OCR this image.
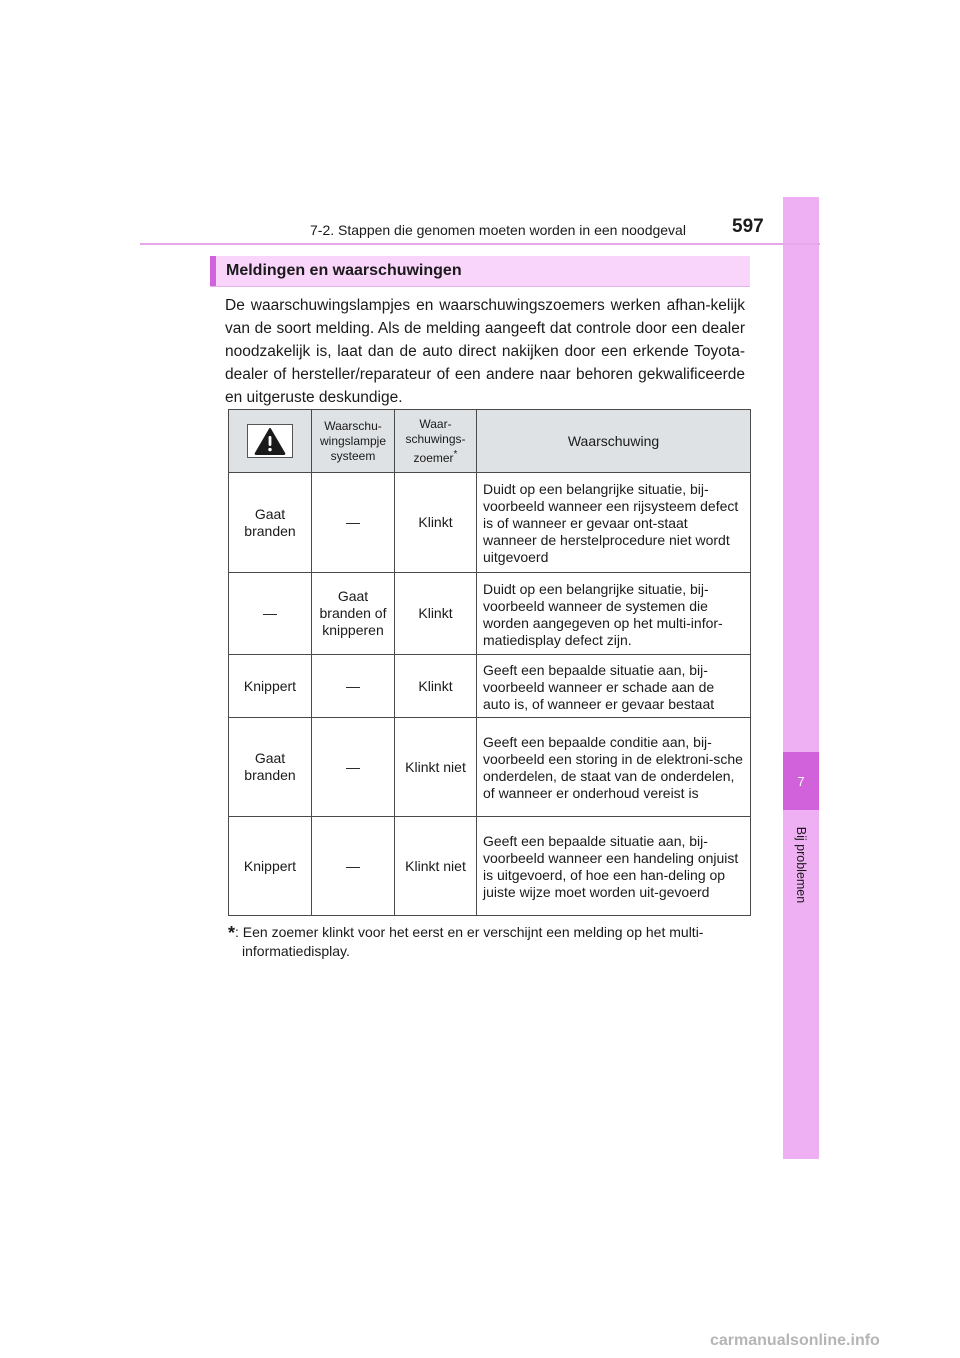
7
Bij problemen
7-2. Stappen die genomen moeten worden in een noodgeval 597
Meldingen en waarschuwingen

De waarschuwingslampjes en waarschuwingszoemers werken afhan-kelijk van de soort melding. Als de melding aangeeft dat controle door een dealer noodzakelijk is, laat dan de auto direct nakijken door een erkende Toyota-dealer of hersteller/reparateur of een andere naar behoren gekwalificeerde en uitgeruste deskundige.

	Waarschu-wingslampje systeem	Waar-schuwings-zoemer*	Waarschuwing
Gaat branden	—	Klinkt	Duidt op een belangrijke situatie, bij-voorbeeld wanneer een rijsysteem defect is of wanneer er gevaar ont-staat wanneer de herstelprocedure niet wordt uitgevoerd
—	Gaat branden of knipperen	Klinkt	Duidt op een belangrijke situatie, bij-voorbeeld wanneer de systemen die worden aangegeven op het multi-infor-matiedisplay defect zijn.
Knippert	—	Klinkt	Geeft een bepaalde situatie aan, bij-voorbeeld wanneer er schade aan de auto is, of wanneer er gevaar bestaat
Gaat branden	—	Klinkt niet	Geeft een bepaalde conditie aan, bij-voorbeeld een storing in de elektroni-sche onderdelen, de staat van de onderdelen, of wanneer er onderhoud vereist is
Knippert	—	Klinkt niet	Geeft een bepaalde situatie aan, bij-voorbeeld wanneer een handeling onjuist is uitgevoerd, of hoe een han-deling op juiste wijze moet worden uit-gevoerd
*: Een zoemer klinkt voor het eerst en er verschijnt een melding op het multi-
informatiedisplay.
carmanualsonline.info
